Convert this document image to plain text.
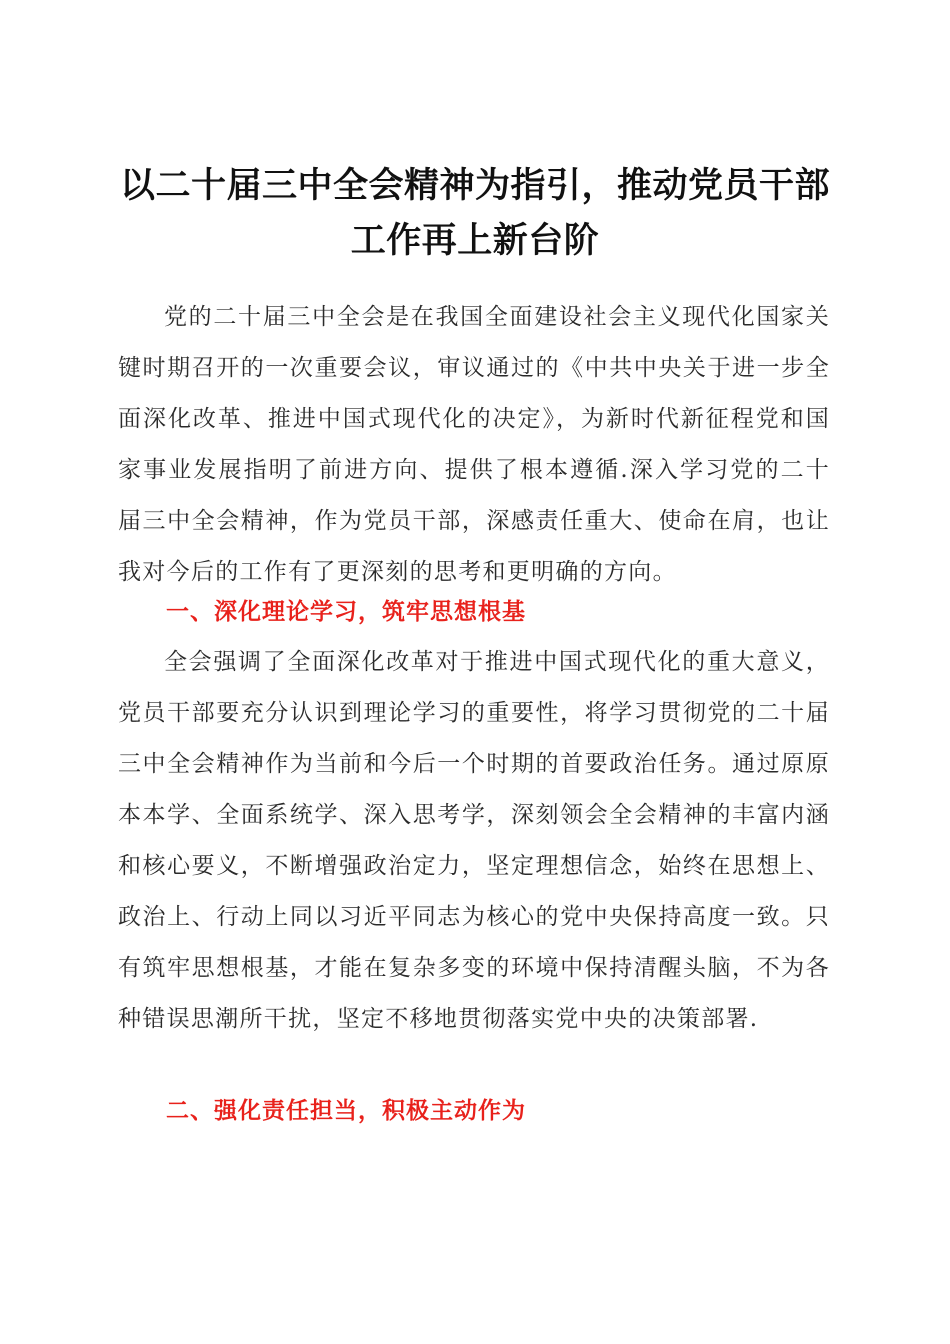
以二十届三中全会精神为指引，推动党员干部
工作再上新台阶

党的二十届三中全会是在我国全面建设社会主义现代化国家关键时期召开的一次重要会议，审议通过的《中共中央关于进一步全面深化改革、推进中国式现代化的决定》，为新时代新征程党和国家事业发展指明了前进方向、提供了根本遵循.深入学习党的二十届三中全会精神，作为党员干部，深感责任重大、使命在肩，也让我对今后的工作有了更深刻的思考和更明确的方向。

一、深化理论学习，筑牢思想根基

全会强调了全面深化改革对于推进中国式现代化的重大意义，党员干部要充分认识到理论学习的重要性，将学习贯彻党的二十届三中全会精神作为当前和今后一个时期的首要政治任务。通过原原本本学、全面系统学、深入思考学，深刻领会全会精神的丰富内涵和核心要义，不断增强政治定力，坚定理想信念，始终在思想上、政治上、行动上同以习近平同志为核心的党中央保持高度一致。只有筑牢思想根基，才能在复杂多变的环境中保持清醒头脑，不为各种错误思潮所干扰，坚定不移地贯彻落实党中央的决策部署.

二、强化责任担当，积极主动作为
